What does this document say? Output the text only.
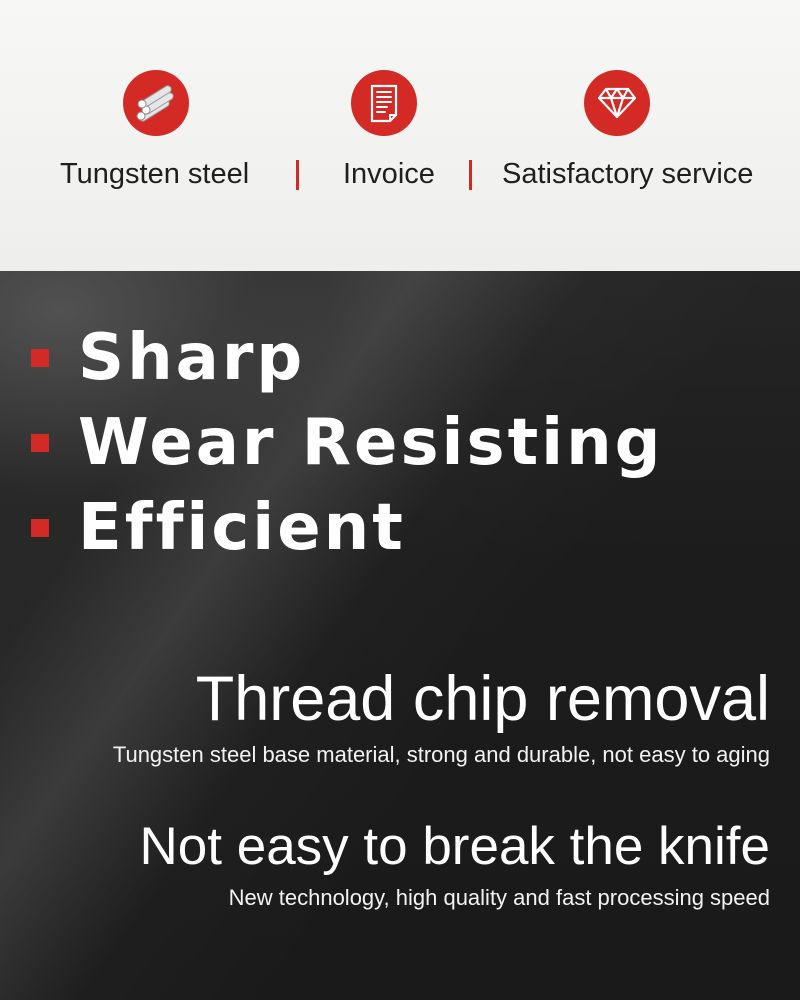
Tungsten steel	Invoice Satisfactory service
Sharp
Wear Resisting
Efficient
Thread chip removal
Tungsten steel base material, strong and durable, not easy to aging
Not easy to break the knife
New technology, high quality and fast processing speed
